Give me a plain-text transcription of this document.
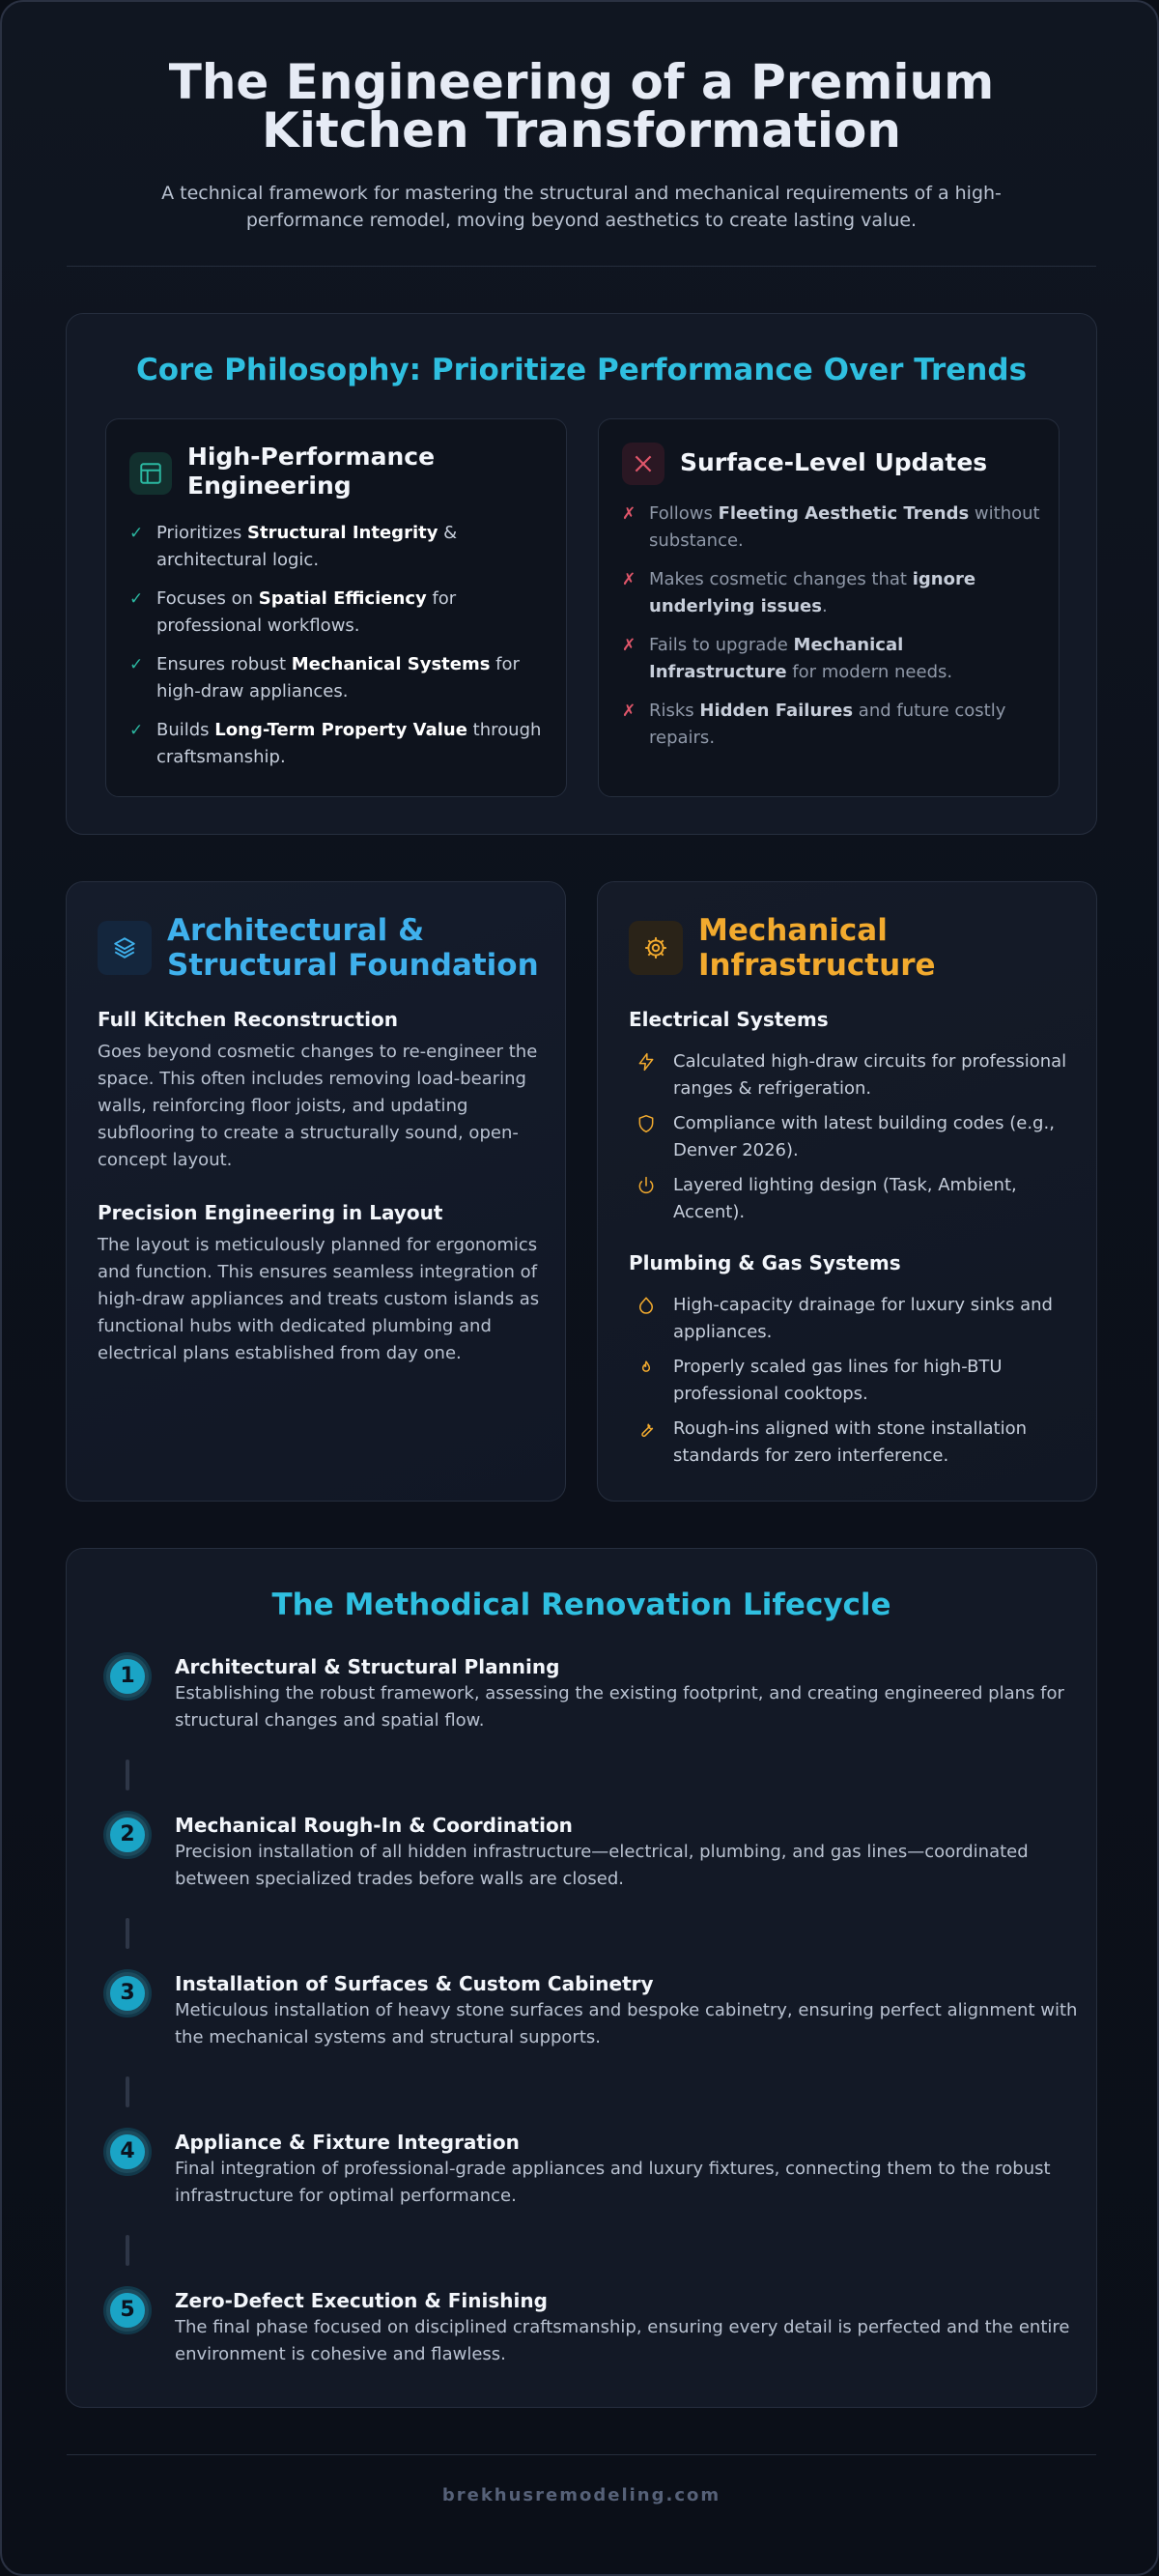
The Engineering of a Premium Kitchen Transformation
A technical framework for mastering the structural and mechanical requirements of a high-performance remodel, moving beyond aesthetics to create lasting value.
Core Philosophy: Prioritize Performance Over Trends
High-Performance Engineering
✓ Prioritizes Structural Integrity & architectural logic.
✓ Focuses on Spatial Efficiency for professional workflows.
✓ Ensures robust Mechanical Systems for high-draw appliances.
✓ Builds Long-Term Property Value through craftsmanship.
Surface-Level Updates
✗ Follows Fleeting Aesthetic Trends without substance.
✗ Makes cosmetic changes that ignore underlying issues.
✗ Fails to upgrade Mechanical Infrastructure for modern needs.
✗ Risks Hidden Failures and future costly repairs.
Architectural & Structural Foundation
Full Kitchen Reconstruction
Goes beyond cosmetic changes to re-engineer the space. This often includes removing load-bearing walls, reinforcing floor joists, and updating subflooring to create a structurally sound, open-concept layout.
Precision Engineering in Layout
The layout is meticulously planned for ergonomics and function. This ensures seamless integration of high-draw appliances and treats custom islands as functional hubs with dedicated plumbing and electrical plans established from day one.
Mechanical Infrastructure
Electrical Systems
Calculated high-draw circuits for professional ranges & refrigeration.
Compliance with latest building codes (e.g., Denver 2026).
Layered lighting design (Task, Ambient, Accent).
Plumbing & Gas Systems
High-capacity drainage for luxury sinks and appliances.
Properly scaled gas lines for high-BTU professional cooktops.
Rough-ins aligned with stone installation standards for zero interference.
The Methodical Renovation Lifecycle
1	Architectural & Structural Planning
Establishing the robust framework, assessing the existing footprint, and creating engineered plans for structural changes and spatial flow.
2	Mechanical Rough-In & Coordination
Precision installation of all hidden infrastructure—electrical, plumbing, and gas lines—coordinated between specialized trades before walls are closed.
3	Installation of Surfaces & Custom Cabinetry
Meticulous installation of heavy stone surfaces and bespoke cabinetry, ensuring perfect alignment with the mechanical systems and structural supports.
4	Appliance & Fixture Integration
Final integration of professional-grade appliances and luxury fixtures, connecting them to the robust infrastructure for optimal performance.
5	Zero-Defect Execution & Finishing
The final phase focused on disciplined craftsmanship, ensuring every detail is perfected and the entire environment is cohesive and flawless.
brekhusremodeling.com
